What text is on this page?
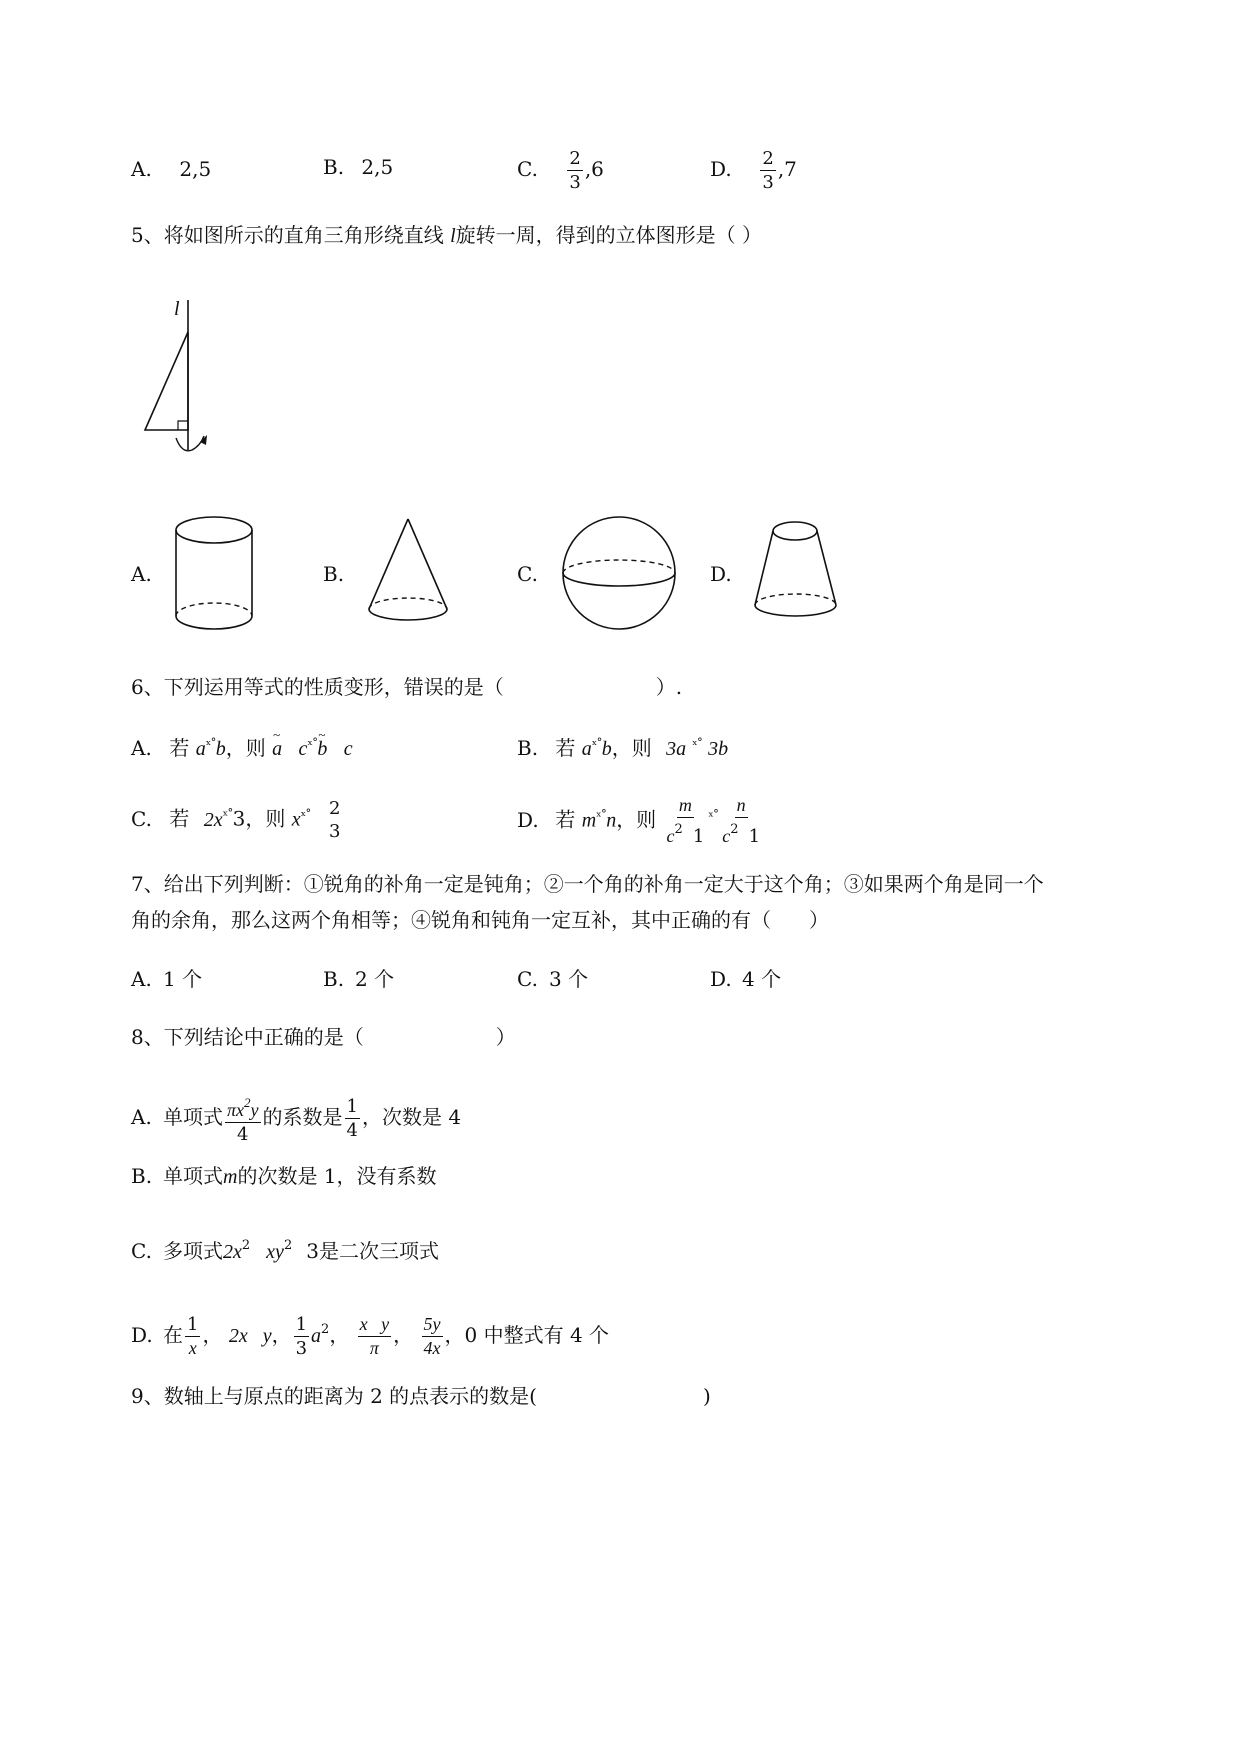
A. 2,5	B. 2,5	C. $\frac{2}{3} ,6$	D. $\frac{2}{3} ,7$
5、将如图所示的直角三角形绕直线 l旋转一周，得到的立体图形是（ ）
l
A.	B.	C.	D.
6、下列运用等式的性质变形，错误的是（	）.
A. 若 $a^{ˣ˚}b$，则 ~ a $c^{ˣ˚}\sim$ b c	B. 若 $a^{ˣ˚}b$，则 3a $^{ˣ˚}$ 3b
C. 若 $2x^{ˣ˚}3$，则 $x^{ˣ˚}$ 2
3	D. 若 $m^{ˣ˚}n$，则 $\frac{m}{c^2 1} ^{ˣ˚} \frac{n}{c^2 1}$
7、给出下列判断：①锐角的补角一定是钝角；②一个角的补角一定大于这个角；③如果两个角是同一个
角的余角，那么这两个角相等；④锐角和钝角一定互补，其中正确的有（ ）
A. 1 个	B. 2 个	C. 3 个	D. 4 个
8、下列结论中正确的是（	）
A. 单项式 $\frac{\pi x^2y}{4}$ 的系数是 $\frac{1}{4}$ ，次数是 4
B. 单项式m的次数是 1，没有系数
C. 多项式$2x^2$ $xy^2$ 3是二次三项式
D. 在 $\frac{1}{x}$ ， 2x   y， $\frac{1}{3} a^2$， $\frac{\text{x   y}}{\pi}$ ， $\frac{5y}{4x}$ ，0 中整式有 4 个
9、数轴上与原点的距离为 2 的点表示的数是(	)
